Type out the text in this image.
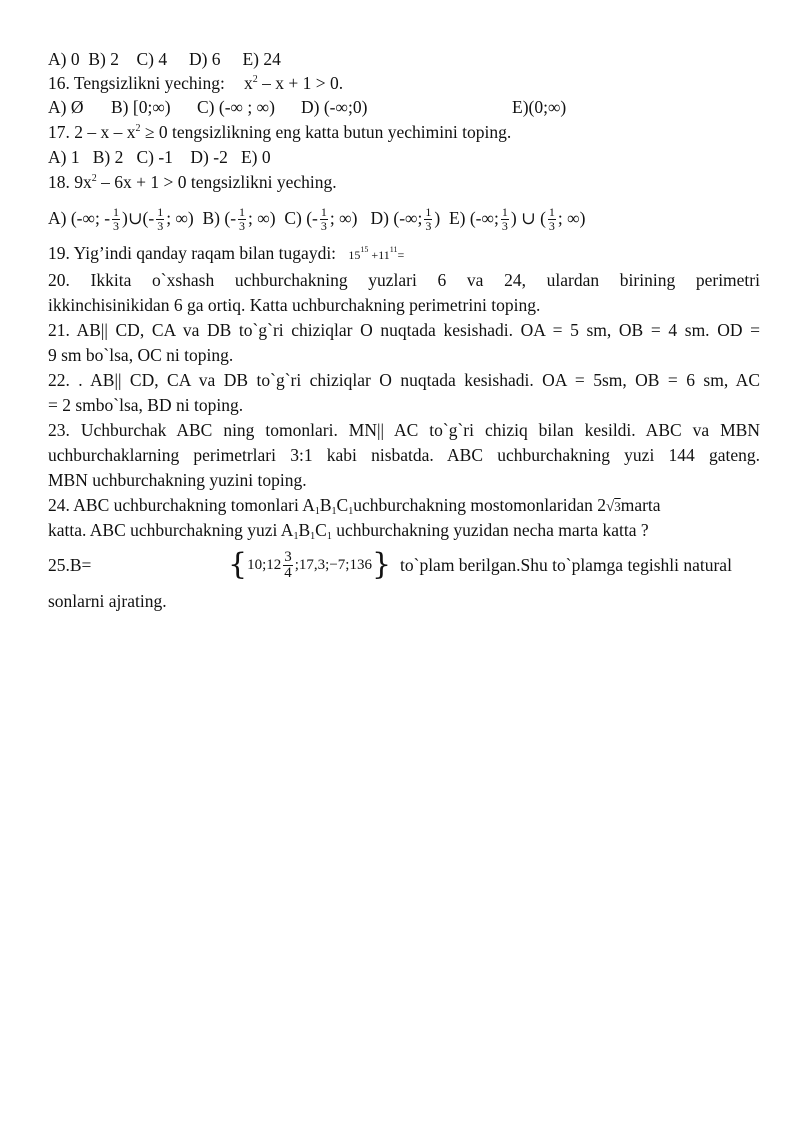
A) 0 B) 2 C) 4 D) 6 E) 24
16. Tengsizlikni yeching: $x^2 - x + 1 > 0$.
A) Ø B) [0;∞) C) (-∞ ; ∞) D) (-∞;0)	E)(0;∞)
17. $2 - x - x^2 \ge 0$ tengsizlikning eng katta butun yechimini toping.
A) 1 B) 2 C) -1 D) -2 E) 0
18. $9x^2 - 6x + 1 > 0$ tengsizlikni yeching.
A) (-∞; - $\frac{1}{3}$ )∪(- $\frac{1}{3}$ ; ∞) B) (- $\frac{1}{3}$ ; ∞) C) (- $\frac{1}{3}$ ; ∞) D) (-∞; $\frac{1}{3}$ ) E) (-∞; $\frac{1}{3}$ ) ∪ ( $\frac{1}{3}$ ; ∞)
19. Yig’indi qanday raqam bilan tugaydi: $15^{15} +11^{11}=$
20. Ikkita o`xshash uchburchakning yuzlari 6 va 24, ulardan birining perimetri
ikkinchisinikidan 6 ga ortiq. Katta uchburchakning perimetrini toping.
21. AB|| CD, CA va DB to`g`ri chiziqlar O nuqtada kesishadi. OA = 5 sm, OB = 4 sm. OD =
9 sm bo`lsa, OC ni toping.
22. . AB|| CD, CA va DB to`g`ri chiziqlar O nuqtada kesishadi. OA = 5sm, OB = 6 sm, AC
= 2 smbo`lsa, BD ni toping.
23. Uchburchak ABC ning tomonlari. MN|| AC to`g`ri chiziq bilan kesildi. ABC va MBN
uchburchaklarning perimetrlari 3:1 kabi nisbatda. ABC uchburchakning yuzi 144 gateng.
MBN uchburchakning yuzini toping.
24. ABC uchburchakning tomonlari $A_1B_1C_1uchburchakning$ mostomonlaridan 2√3marta
katta. ABC uchburchakning yuzi $A_1B_1C_1$ uchburchakning yuzidan necha marta katta ?
25.B=	{ 10;12 $\frac{3}{4}$ ;17,3;−7;136 } to`plam berilgan.Shu to`plamga tegishli natural
sonlarni ajrating.
